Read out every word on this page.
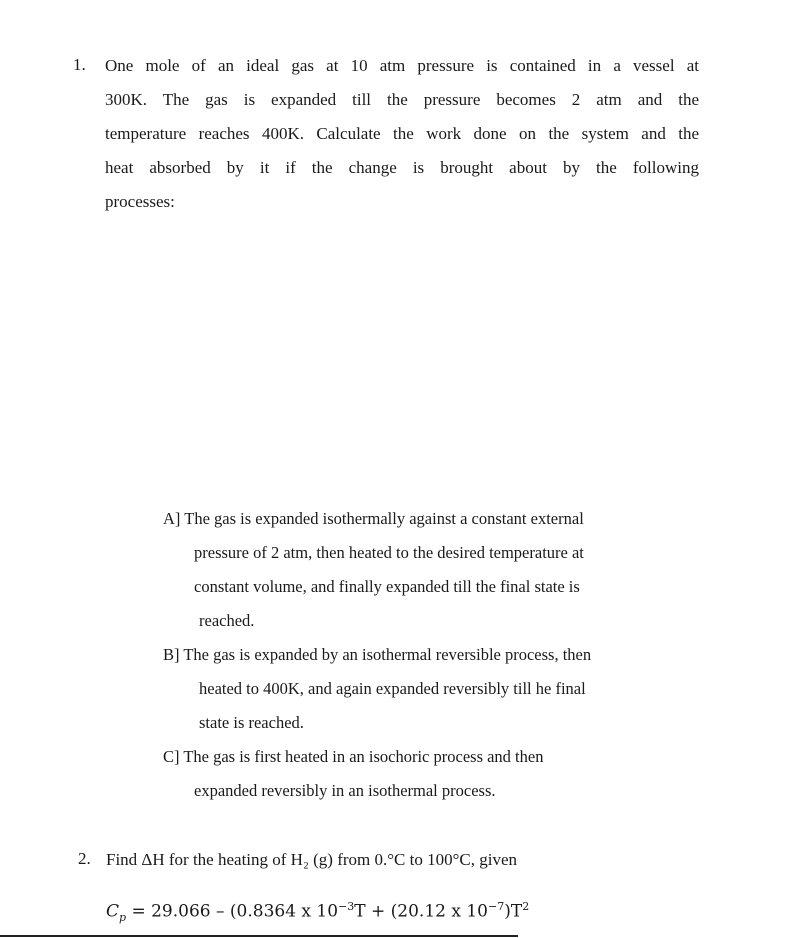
1. One mole of an ideal gas at 10 atm pressure is contained in a vessel at
300K. The gas is expanded till the pressure becomes 2 atm and the
temperature reaches 400K. Calculate the work done on the system and the
heat absorbed by it if the change is brought about by the following
processes:
A] The gas is expanded isothermally against a constant external
pressure of 2 atm, then heated to the desired temperature at
constant volume, and finally expanded till the final state is
reached.
B] The gas is expanded by an isothermal reversible process, then
heated to 400K, and again expanded reversibly till he final
state is reached.
C] The gas is first heated in an isochoric process and then
expanded reversibly in an isothermal process.
2. Find ΔH for the heating of H₂ (g) from 0.°C to 100°C, given
$C_p = 29.066 - (0.8364$ x $10^{-3}T + (20.12$ x $10^{-7})T^2$
